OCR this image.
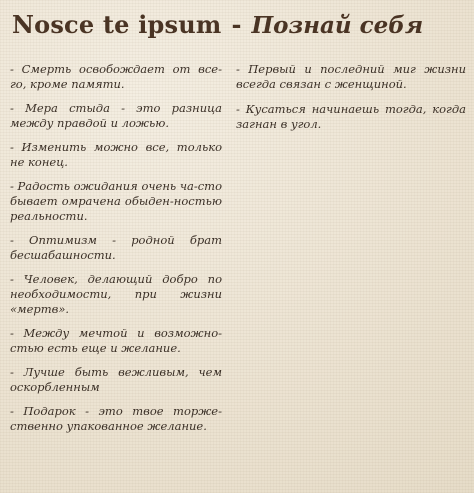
Nosce te ipsum - Познай себя

- Смерть освобождает от все-го, кроме памяти.

- Мера стыда - это разница между правдой и ложью.

- Изменить можно все, только не конец.

- Радость ожидания очень ча-сто бывает омрачена обыден-ностью реальности.

- Оптимизм - родной брат бесшабашности.

- Человек, делающий добро по необходимости, при жизни «мертв».

- Между мечтой и возможно-стью есть еще и желание.

- Лучше быть вежливым, чем оскорбленным

- Подарок - это твое торже-ственно упакованное желание.

- Первый и последний миг жизни всегда связан с женщиной.

- Кусаться начинаешь тогда, когда загнан в угол.
